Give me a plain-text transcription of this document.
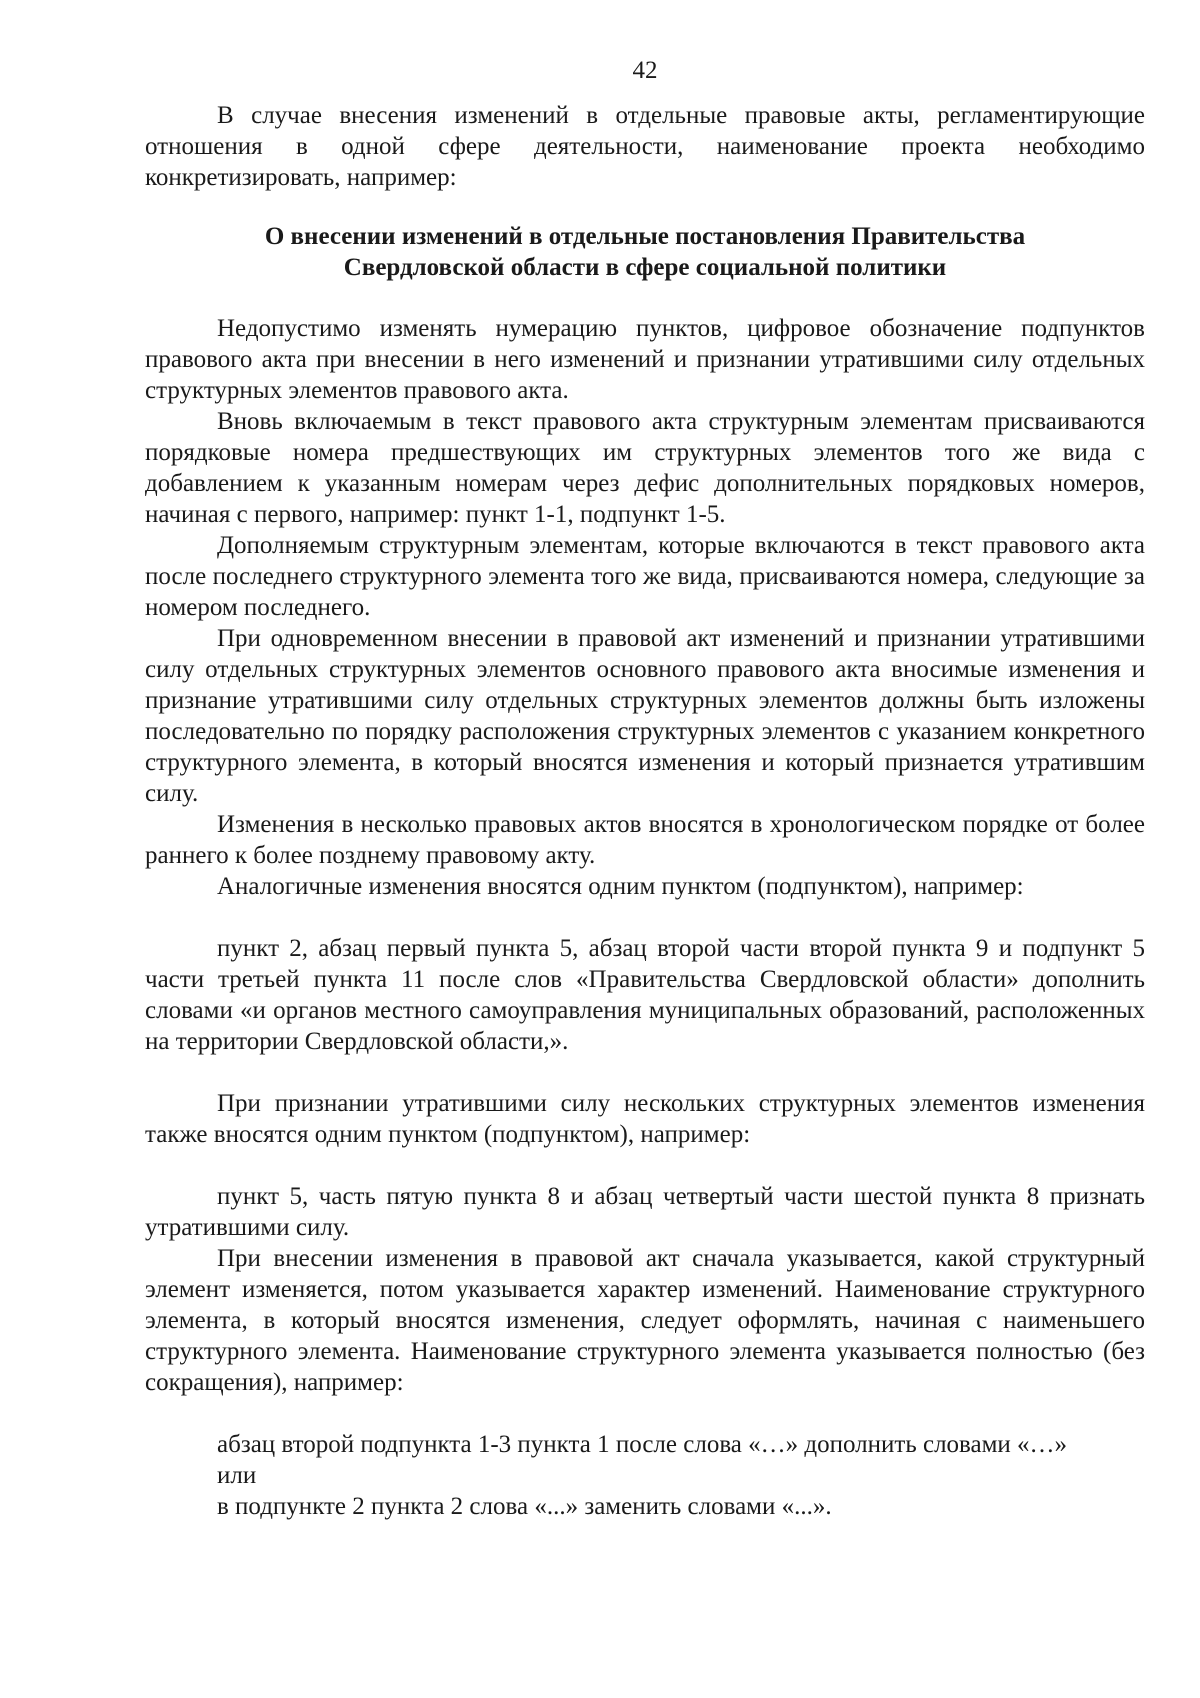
42

В случае внесения изменений в отдельные правовые акты, регламентирующие отношения в одной сфере деятельности, наименование проекта необходимо конкретизировать, например:

О внесении изменений в отдельные постановления Правительства
Свердловской области в сфере социальной политики

Недопустимо изменять нумерацию пунктов, цифровое обозначение подпунктов правового акта при внесении в него изменений и признании утратившими силу отдельных структурных элементов правового акта.

Вновь включаемым в текст правового акта структурным элементам присваиваются порядковые номера предшествующих им структурных элементов того же вида с добавлением к указанным номерам через дефис дополнительных порядковых номеров, начиная с первого, например: пункт 1-1, подпункт 1-5.

Дополняемым структурным элементам, которые включаются в текст правового акта после последнего структурного элемента того же вида, присваиваются номера, следующие за номером последнего.

При одновременном внесении в правовой акт изменений и признании утратившими силу отдельных структурных элементов основного правового акта вносимые изменения и признание утратившими силу отдельных структурных элементов должны быть изложены последовательно по порядку расположения структурных элементов с указанием конкретного структурного элемента, в который вносятся изменения и который признается утратившим силу.

Изменения в несколько правовых актов вносятся в хронологическом порядке от более раннего к более позднему правовому акту.

Аналогичные изменения вносятся одним пунктом (подпунктом), например:

пункт 2, абзац первый пункта 5, абзац второй части второй пункта 9 и подпункт 5 части третьей пункта 11 после слов «Правительства Свердловской области» дополнить словами «и органов местного самоуправления муниципальных образований, расположенных на территории Свердловской области,».

При признании утратившими силу нескольких структурных элементов изменения также вносятся одним пунктом (подпунктом), например:

пункт 5, часть пятую пункта 8 и абзац четвертый части шестой пункта 8 признать утратившими силу.

При внесении изменения в правовой акт сначала указывается, какой структурный элемент изменяется, потом указывается характер изменений. Наименование структурного элемента, в который вносятся изменения, следует оформлять, начиная с наименьшего структурного элемента. Наименование структурного элемента указывается полностью (без сокращения), например:

абзац второй подпункта 1-3 пункта 1 после слова «…» дополнить словами «…»

или

в подпункте 2 пункта 2 слова «...» заменить словами «...».
